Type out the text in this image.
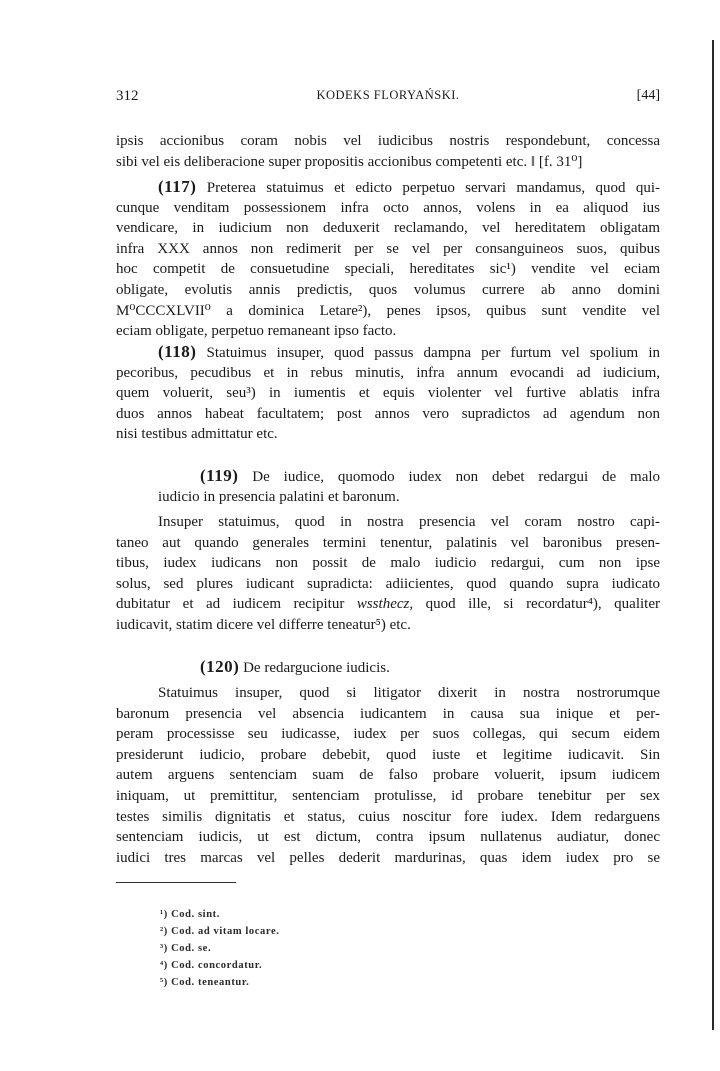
312	KODEKS FLORYAŃSKI.	[44]
ipsis accionibus coram nobis vel iudicibus nostris respondebunt, concessa
sibi vel eis deliberacione super propositis accionibus competenti etc. ‖ [f. 31⁰]
(117) Preterea statuimus et edicto perpetuo servari mandamus, quod qui-
cunque venditam possessionem infra octo annos, volens in ea aliquod ius
vendicare, in iudicium non deduxerit reclamando, vel hereditatem obligatam
infra XXX annos non redimerit per se vel per consanguineos suos, quibus
hoc competit de consuetudine speciali, hereditates sic¹) vendite vel eciam
obligate, evolutis annis predictis, quos volumus currere ab anno domini
M⁰CCCXLVII⁰ a dominica Letare²), penes ipsos, quibus sunt vendite vel
eciam obligate, perpetuo remaneant ipso facto.
(118) Statuimus insuper, quod passus dampna per furtum vel spolium in
pecoribus, pecudibus et in rebus minutis, infra annum evocandi ad iudicium,
quem voluerit, seu³) in iumentis et equis violenter vel furtive ablatis infra
duos annos habeat facultatem; post annos vero supradictos ad agendum non
nisi testibus admittatur etc.
(119) De iudice, quomodo iudex non debet redargui de malo
iudicio in presencia palatini et baronum.
Insuper statuimus, quod in nostra presencia vel coram nostro capi-
taneo aut quando generales termini tenentur, palatinis vel baronibus presen-
tibus, iudex iudicans non possit de malo iudicio redargui, cum non ipse
solus, sed plures iudicant supradicta: adiicientes, quod quando supra iudicato
dubitatur et ad iudicem recipitur wssthecz, quod ille, si recordatur⁴), qualiter
iudicavit, statim dicere vel differre teneatur⁵) etc.
(120) De redargucione iudicis.
Statuimus insuper, quod si litigator dixerit in nostra nostrorumque
baronum presencia vel absencia iudicantem in causa sua inique et per-
peram processisse seu iudicasse, iudex per suos collegas, qui secum eidem
presiderunt iudicio, probare debebit, quod iuste et legitime iudicavit. Sin
autem arguens sentenciam suam de falso probare voluerit, ipsum iudicem
iniquam, ut premittitur, sentenciam protulisse, id probare tenebitur per sex
testes similis dignitatis et status, cuius noscitur fore iudex. Idem redarguens
sentenciam iudicis, ut est dictum, contra ipsum nullatenus audiatur, donec
iudici tres marcas vel pelles dederit mardurinas, quas idem iudex pro se
¹) Cod. sint.
²) Cod. ad vitam locare.
³) Cod. se.
⁴) Cod. concordatur.
⁵) Cod. teneantur.
